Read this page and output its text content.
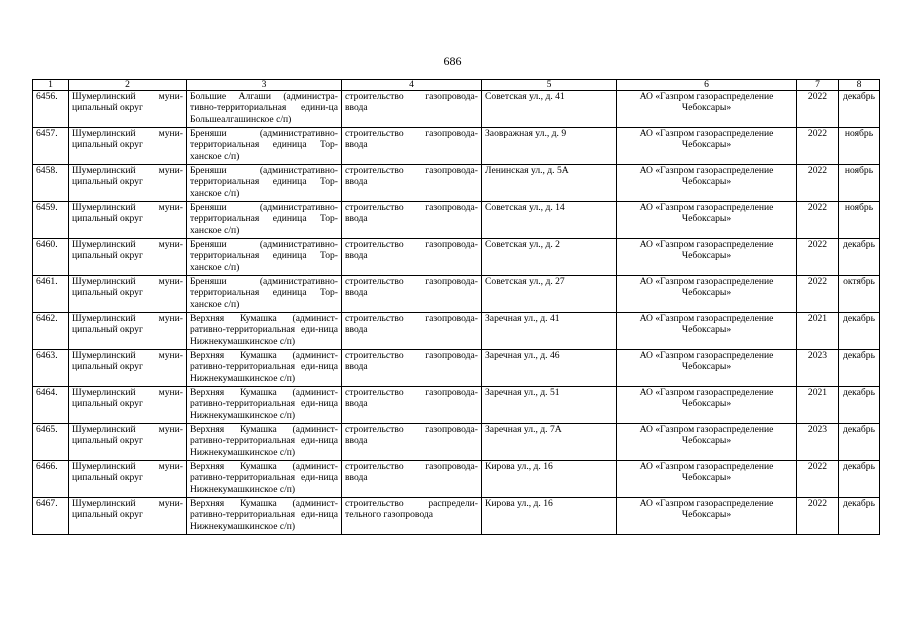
686
1	2	3	4	5	6	7	8
6456.	Шумерлинский муни-ципальный округ	Большие Алгаши (администра-тивно-территориальная едини-ца Большеалгашинское с/п)	строительство газопровода-ввода	Советская ул., д. 41	АО «Газпром газораспределение Чебоксары»	2022	декабрь
6457.	Шумерлинский муни-ципальный округ	Бреняши (административно-территориальная единица Тор-ханское с/п)	строительство газопровода-ввода	Заовражная ул., д. 9	АО «Газпром газораспределение Чебоксары»	2022	ноябрь
6458.	Шумерлинский муни-ципальный округ	Бреняши (административно-территориальная единица Тор-ханское с/п)	строительство газопровода-ввода	Ленинская ул., д. 5А	АО «Газпром газораспределение Чебоксары»	2022	ноябрь
6459.	Шумерлинский муни-ципальный округ	Бреняши (административно-территориальная единица Тор-ханское с/п)	строительство газопровода-ввода	Советская ул., д. 14	АО «Газпром газораспределение Чебоксары»	2022	ноябрь
6460.	Шумерлинский муни-ципальный округ	Бреняши (административно-территориальная единица Тор-ханское с/п)	строительство газопровода-ввода	Советская ул., д. 2	АО «Газпром газораспределение Чебоксары»	2022	декабрь
6461.	Шумерлинский муни-ципальный округ	Бреняши (административно-территориальная единица Тор-ханское с/п)	строительство газопровода-ввода	Советская ул., д. 27	АО «Газпром газораспределение Чебоксары»	2022	октябрь
6462.	Шумерлинский муни-ципальный округ	Верхняя Кумашка (админист-ративно-территориальная еди-ница Нижнекумашкинское с/п)	строительство газопровода-ввода	Заречная ул., д. 41	АО «Газпром газораспределение Чебоксары»	2021	декабрь
6463.	Шумерлинский муни-ципальный округ	Верхняя Кумашка (админист-ративно-территориальная еди-ница Нижнекумашкинское с/п)	строительство газопровода-ввода	Заречная ул., д. 46	АО «Газпром газораспределение Чебоксары»	2023	декабрь
6464.	Шумерлинский муни-ципальный округ	Верхняя Кумашка (админист-ративно-территориальная еди-ница Нижнекумашкинское с/п)	строительство газопровода-ввода	Заречная ул., д. 51	АО «Газпром газораспределение Чебоксары»	2021	декабрь
6465.	Шумерлинский муни-ципальный округ	Верхняя Кумашка (админист-ративно-территориальная еди-ница Нижнекумашкинское с/п)	строительство газопровода-ввода	Заречная ул., д. 7А	АО «Газпром газораспределение Чебоксары»	2023	декабрь
6466.	Шумерлинский муни-ципальный округ	Верхняя Кумашка (админист-ративно-территориальная еди-ница Нижнекумашкинское с/п)	строительство газопровода-ввода	Кирова ул., д. 16	АО «Газпром газораспределение Чебоксары»	2022	декабрь
6467.	Шумерлинский муни-ципальный округ	Верхняя Кумашка (админист-ративно-территориальная еди-ница Нижнекумашкинское с/п)	строительство распредели-тельного газопровода	Кирова ул., д. 16	АО «Газпром газораспределение Чебоксары»	2022	декабрь
